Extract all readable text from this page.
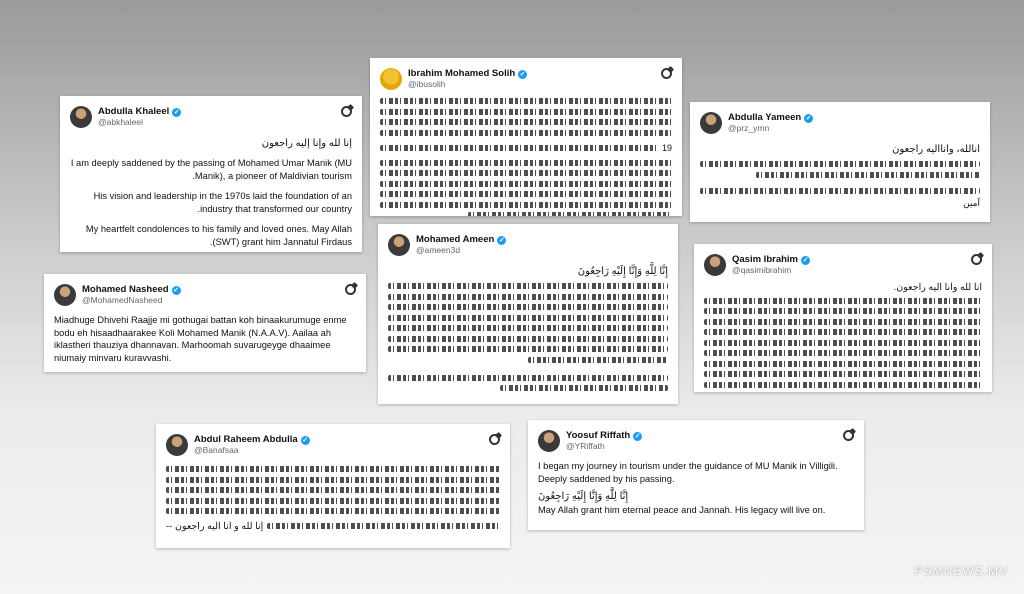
Abdulla Khaleel ✓
@abkhaleel
إنا لله وإنا إليه راجعون

I am deeply saddened by the passing of Mohamed Umar Manik (MU Manik), a pioneer of Maldivian tourism.

His vision and leadership in the 1970s laid the foundation of an industry that transformed our country.

My heartfelt condolences to his family and loved ones. May Allah (SWT) grant him Jannatul Firdaus.

Ibrahim Mohamed Solih ✓
@ibusolih
19
Abdulla Yameen ✓
@prz_ymn
انالله، وانااليه راجعون
آمين
Mohamed Nasheed ✓
@MohamedNasheed

Miadhuge Dhivehi Raajje mi gothugai battan koh binaakurumuge enme bodu eh hisaadhaarakee Koli Mohamed Manik (N.A.A.V). Aailaa ah iklastheri thauziya dhannavan. Marhoomah suvarugeyge dhaaimee niumaiy minvaru kuravvashi.

Mohamed Ameen ✓
@ameen3d
إِنَّا لِلَّهِ وَإِنَّا إِلَيْهِ رَاجِعُونَ
Qasim Ibrahim ✓
@qasimibrahim
انا لله وانا اليه راجعون.
Abdul Raheem Abdulla ✓
@Banafsaa
إنا لله و انا اليه راجعون --
Yoosuf Riffath ✓
@YRiffath

I began my journey in tourism under the guidance of MU Manik in Villigili. Deeply saddened by his passing.

إِنَّا لِلَّٰهِ وَإِنَّا إِلَيْهِ رَاجِعُونَ

May Allah grant him eternal peace and Jannah. His legacy will live on.

PSMNEWS.MV
